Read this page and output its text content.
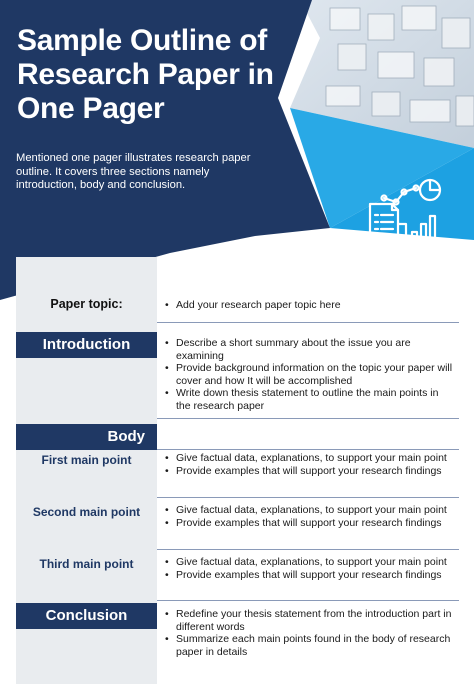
Sample Outline of Research Paper in One Pager
Mentioned one pager illustrates research paper outline. It covers three sections namely introduction, body and conclusion.
Paper topic:	• Add your research paper topic here
Introduction	• Describe a short summary about the issue you are examining
• Provide background information on the topic your paper will cover and how It will be accomplished
• Write down thesis statement to outline the main points in the research paper
Body
First main point	• Give factual data, explanations, to support your main point
• Provide examples that will support your research findings
Second main point	• Give factual data, explanations, to support your main point
• Provide examples that will support your research findings
Third main point	• Give factual data, explanations, to support your main point
• Provide examples that will support your research findings
Conclusion	• Redefine your thesis statement from the introduction part in different words
• Summarize each main points found in the body of research paper in details
